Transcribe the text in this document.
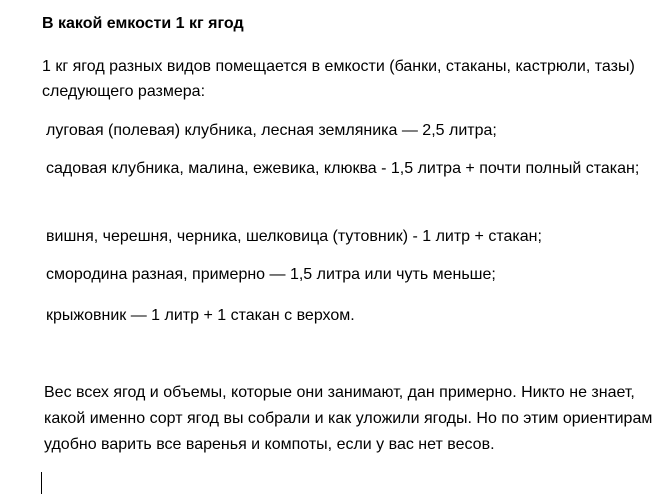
В какой емкости 1 кг ягод
1 кг ягод разных видов помещается в емкости (банки, стаканы, кастрюли, тазы) следующего размера:
луговая (полевая) клубника, лесная земляника — 2,5 литра;
садовая клубника, малина, ежевика, клюква - 1,5 литра + почти полный стакан;
вишня, черешня, черника, шелковица (тутовник) - 1 литр + стакан;
смородина разная, примерно — 1,5 литра или чуть меньше;
крыжовник — 1 литр + 1 стакан с верхом.
Вес всех ягод и объемы, которые они занимают, дан примерно. Никто не знает, какой именно сорт ягод вы собрали и как уложили ягоды. Но по этим ориентирам удобно варить все варенья и компоты, если у вас нет весов.
